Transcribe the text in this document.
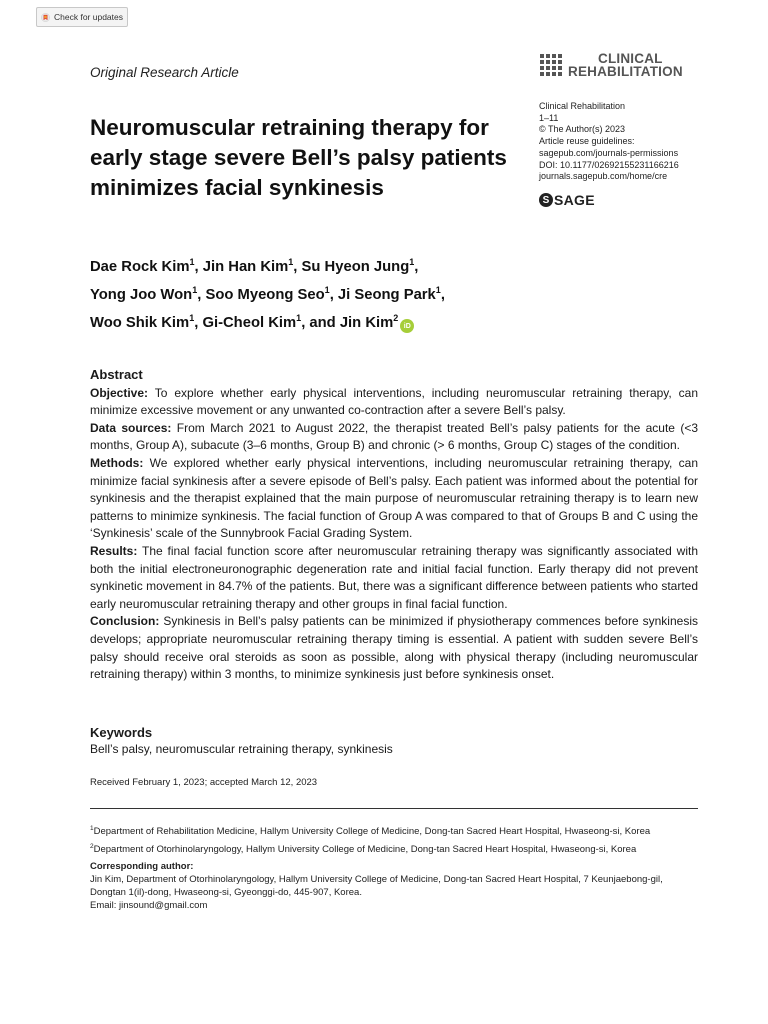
Check for updates
CLINICAL
REHABILITATION
Original Research Article
Neuromuscular retraining therapy for early stage severe Bell’s palsy patients minimizes facial synkinesis
Clinical Rehabilitation
1–11
© The Author(s) 2023
Article reuse guidelines:
sagepub.com/journals-permissions
DOI: 10.1177/02692155231166216
journals.sagepub.com/home/cre
S SAGE
Dae Rock Kim$^1$, Jin Han Kim$^1$, Su Hyeon Jung$^1$,
Yong Joo Won$^1$, Soo Myeong Seo$^1$, Ji Seong Park$^1$,
Woo Shik Kim$^1$, Gi-Cheol Kim$^1$, and Jin Kim$^2$iD
Abstract
Objective: To explore whether early physical interventions, including neuromuscular retraining therapy, can minimize excessive movement or any unwanted co-contraction after a severe Bell’s palsy.
Data sources: From March 2021 to August 2022, the therapist treated Bell’s palsy patients for the acute (<3 months, Group A), subacute (3–6 months, Group B) and chronic (> 6 months, Group C) stages of the condition.
Methods: We explored whether early physical interventions, including neuromuscular retraining therapy, can minimize facial synkinesis after a severe episode of Bell’s palsy. Each patient was informed about the potential for synkinesis and the therapist explained that the main purpose of neuromuscular retraining therapy is to learn new patterns to minimize synkinesis. The facial function of Group A was compared to that of Groups B and C using the ‘Synkinesis’ scale of the Sunnybrook Facial Grading System.
Results: The final facial function score after neuromuscular retraining therapy was significantly associated with both the initial electroneuronographic degeneration rate and initial facial function. Early therapy did not prevent synkinetic movement in 84.7% of the patients. But, there was a significant difference between patients who started early neuromuscular retraining therapy and other groups in final facial function.
Conclusion: Synkinesis in Bell’s palsy patients can be minimized if physiotherapy commences before synkinesis develops; appropriate neuromuscular retraining therapy timing is essential. A patient with sudden severe Bell’s palsy should receive oral steroids as soon as possible, along with physical therapy (including neuromuscular retraining therapy) within 3 months, to minimize synkinesis just before synkinesis onset.
Keywords
Bell’s palsy, neuromuscular retraining therapy, synkinesis
Received February 1, 2023; accepted March 12, 2023
$^1$Department of Rehabilitation Medicine, Hallym University College of Medicine, Dong-tan Sacred Heart Hospital, Hwaseong-si, Korea
$^2$Department of Otorhinolaryngology, Hallym University College of Medicine, Dong-tan Sacred Heart Hospital, Hwaseong-si, Korea
Corresponding author:
Jin Kim, Department of Otorhinolaryngology, Hallym University College of Medicine, Dong-tan Sacred Heart Hospital, 7 Keunjaebong-gil, Dongtan 1(il)-dong, Hwaseong-si, Gyeonggi-do, 445-907, Korea.
Email: jinsound@gmail.com
